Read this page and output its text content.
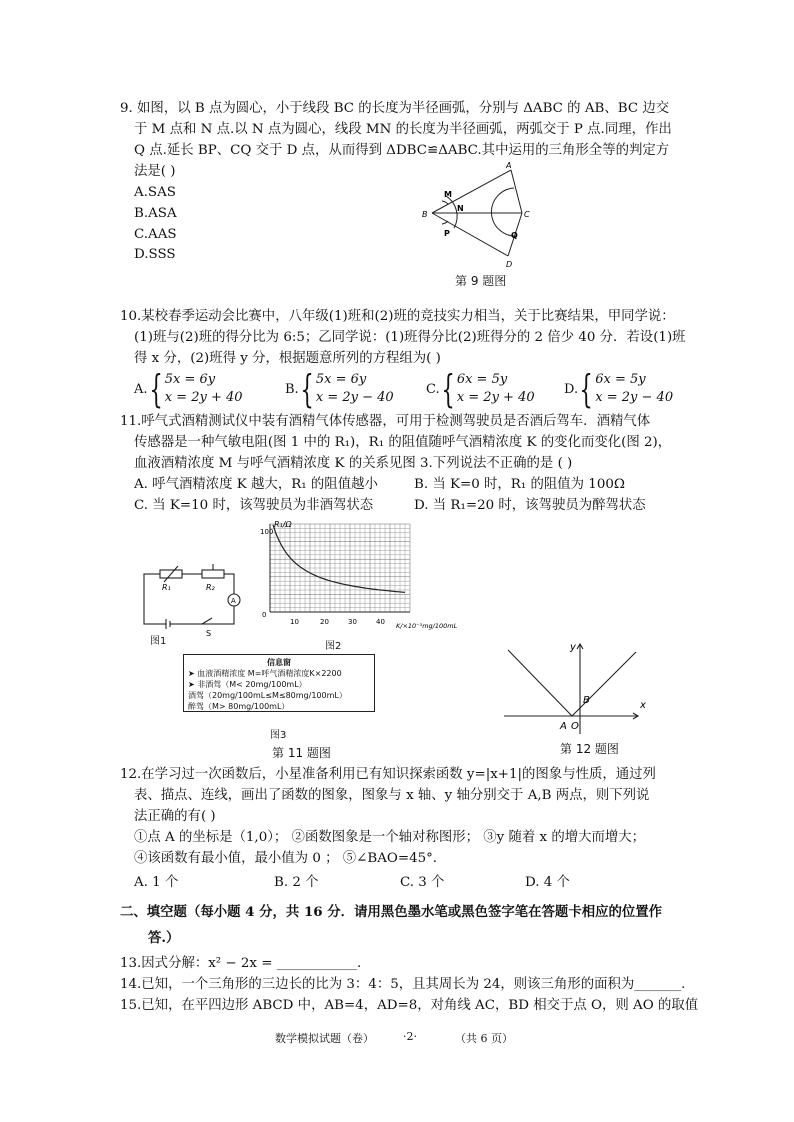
9. 如图，以 B 点为圆心，小于线段 BC 的长度为半径画弧，分别与 ΔABC 的 AB、BC 边交
于 M 点和 N 点.以 N 点为圆心，线段 MN 的长度为半径画弧，两弧交于 P 点.同理，作出
Q 点.延长 BP、CQ 交于 D 点，从而得到 ΔDBC≌ΔABC.其中运用的三角形全等的判定方
法是( )
A.SAS
B.ASA
C.AAS
D.SSS
A
B	C
D
M
N
P	Q
第 9 题图
10.某校春季运动会比赛中，八年级(1)班和(2)班的竞技实力相当，关于比赛结果，甲同学说：
(1)班与(2)班的得分比为 6:5；乙同学说：(1)班得分比(2)班得分的 2 倍少 40 分．若设(1)班
得 x 分，(2)班得 y 分，根据题意所列的方程组为( )
A.{ 5x = 6y
x = 2y + 40
B.{ 5x = 6y
x = 2y − 40
C.{ 6x = 5y
x = 2y + 40
D.{ 6x = 5y
x = 2y − 40
11.呼气式酒精测试仪中装有酒精气体传感器，可用于检测驾驶员是否酒后驾车．酒精气体
传感器是一种气敏电阻(图 1 中的 R₁)，R₁ 的阻值随呼气酒精浓度 K 的变化而变化(图 2)，
血液酒精浓度 M 与呼气酒精浓度 K 的关系见图 3.下列说法不正确的是 ( )
A. 呼气酒精浓度 K 越大，R₁ 的阻值越小	B. 当 K=0 时，R₁ 的阻值为 100Ω
C. 当 K=10 时，该驾驶员为非酒驾状态	D. 当 R₁=20 时，该驾驶员为醉驾状态
R₁	R₂
A
S
图1
R₁/Ω
100
0
10	20	30	40 K/×10⁻³mg/100mL
图2
信息窗
➤ 血液酒精浓度 M=呼气酒精浓度K×2200
➤ 非酒驾（M< 20mg/100mL）
酒驾（20mg/100mL≤M≤80mg/100mL）
醉驾（M> 80mg/100mL）
图3
第 11 题图
y
x
A O
B
第 12 题图
12.在学习过一次函数后，小星准备利用已有知识探索函数 y=|x+1|的图象与性质，通过列
表、描点、连线，画出了函数的图象，图象与 x 轴、y 轴分别交于 A,B 两点，则下列说
法正确的有( )
①点 A 的坐标是（1,0）； ②函数图象是一个轴对称图形； ③y 随着 x 的增大而增大；
④该函数有最小值，最小值为 0 ； ⑤∠BAO=45°.
A. 1 个	B. 2 个	C. 3 个	D. 4 个
二、填空题（每小题 4 分，共 16 分．请用黑色墨水笔或黑色签字笔在答题卡相应的位置作
答.）
13.因式分解：x² − 2x = ____________.
14.已知，一个三角形的三边长的比为 3：4：5，且其周长为 24，则该三角形的面积为_______.
15.已知，在平四边形 ABCD 中，AB=4，AD=8，对角线 AC，BD 相交于点 O，则 AO 的取值
数学模拟试题（卷）	·2·	（共 6 页）
